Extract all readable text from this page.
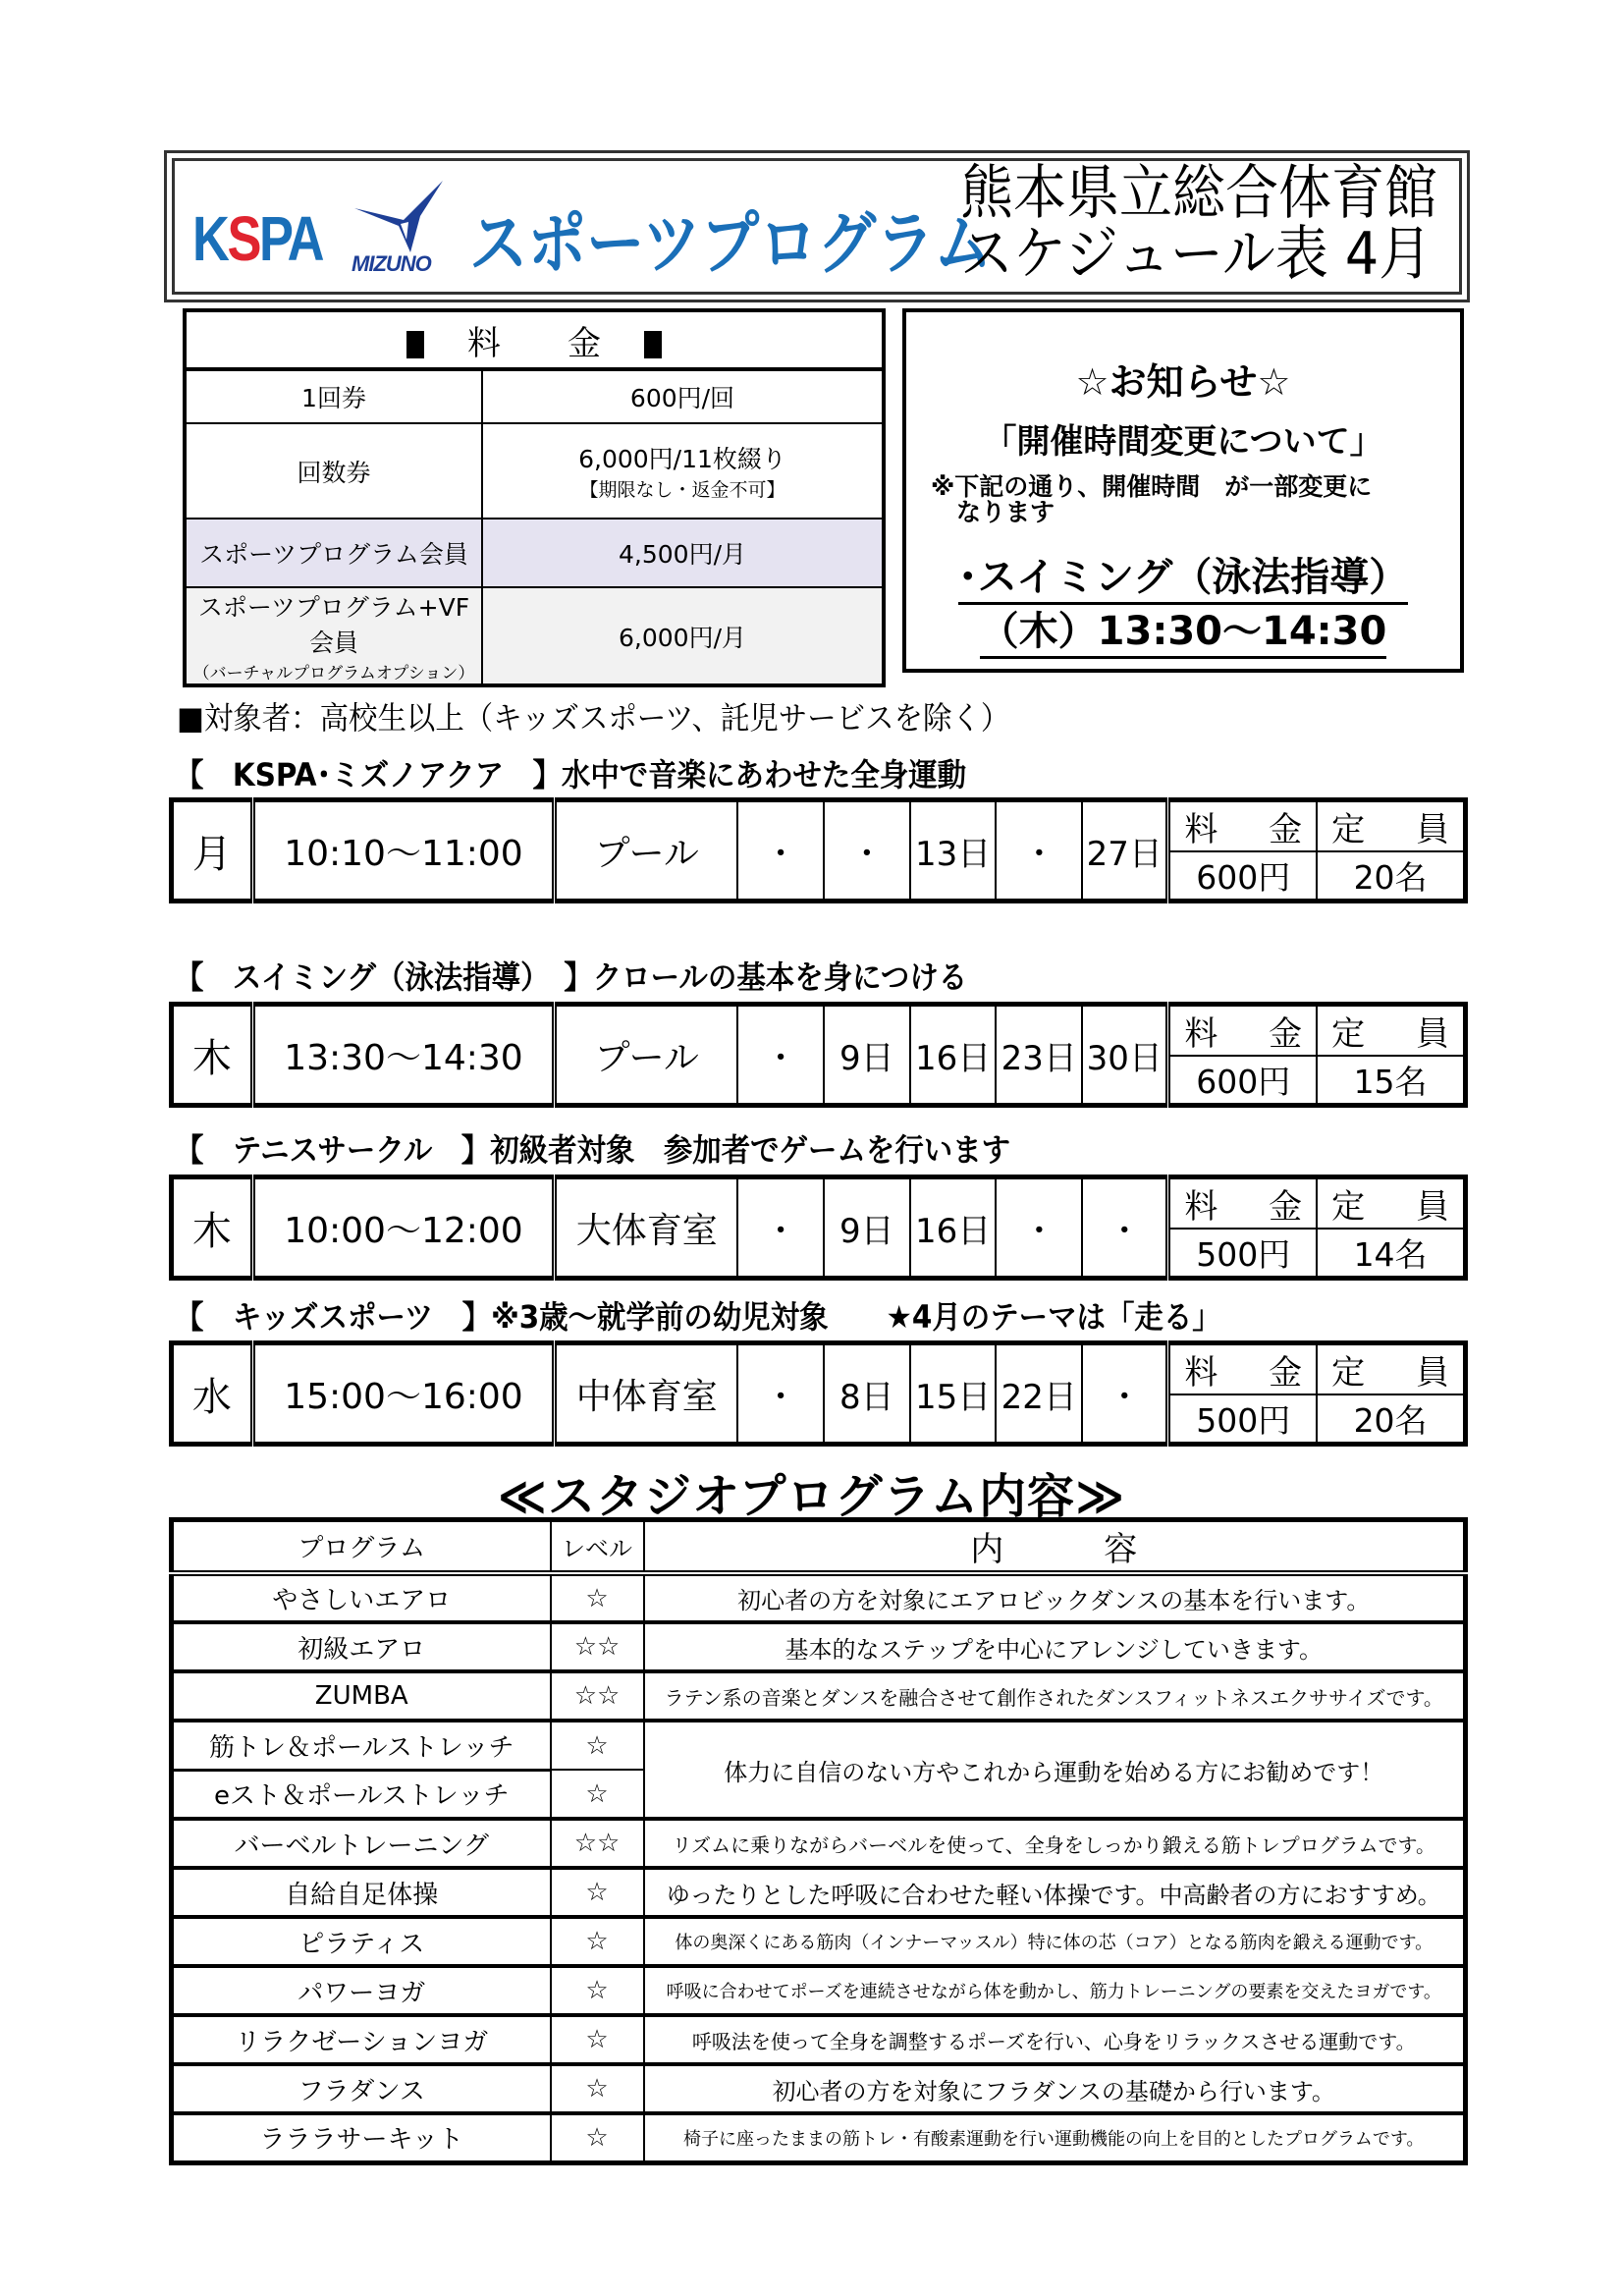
KSPA MIZUNO スポーツプログラム
熊本県立総合体育館
スケジュール表 4月
料　　金	
1回券	600円/回
回数券	6,000円/11枚綴り
【期限なし・返金不可】

スポーツプログラム会員	4,500円/月

スポーツプログラム+VF会員
（バーチャルプログラムオプション）	6,000円/月
☆お知らせ☆
「開催時間変更について」
※下記の通り、開催時間　が一部変更に
なります
･スイミング（泳法指導）
（木）13:30～14:30
■対象者：高校生以上（キッズスポーツ、託児サービスを除く）
【　KSPA･ミズノアクア　】水中で音楽にあわせた全身運動
月	10:10～11:00	プール	・	・	13日	・	27日	料金	定員
								600円	20名
【　スイミング（泳法指導）　】クロールの基本を身につける
木	13:30～14:30	プール	・	9日	16日	23日	30日	料金	定員
								600円	15名
【　テニスサークル　】初級者対象　参加者でゲームを行います
木	10:00～12:00	大体育室	・	9日	16日	・	・	料金	定員
								500円	14名
【　キッズスポーツ　】※3歳～就学前の幼児対象　　★4月のテーマは「走る」
水	15:00～16:00	中体育室	・	8日	15日	22日	・	料金	定員
								500円	20名
≪スタジオプログラム内容≫
プログラム	レベル	内　　　容
やさしいエアロ	☆	初心者の方を対象にエアロビックダンスの基本を行います。
初級エアロ	☆☆	基本的なステップを中心にアレンジしていきます。
ZUMBA	☆☆	ラテン系の音楽とダンスを融合させて創作されたダンスフィットネスエクササイズです。
筋トレ＆ポールストレッチ	☆	体力に自信のない方やこれから運動を始める方にお勧めです！
eスト＆ポールストレッチ	☆	
バーベルトレーニング	☆☆	リズムに乗りながらバーベルを使って、全身をしっかり鍛える筋トレプログラムです。
自給自足体操	☆	ゆったりとした呼吸に合わせた軽い体操です。中高齢者の方におすすめ。
ピラティス	☆	体の奥深くにある筋肉（インナーマッスル）特に体の芯（コア）となる筋肉を鍛える運動です。
パワーヨガ	☆	呼吸に合わせてポーズを連続させながら体を動かし、筋力トレーニングの要素を交えたヨガです。
リラクゼーションヨガ	☆	呼吸法を使って全身を調整するポーズを行い、心身をリラックスさせる運動です。
フラダンス	☆	初心者の方を対象にフラダンスの基礎から行います。
ラララサーキット	☆	椅子に座ったままの筋トレ・有酸素運動を行い運動機能の向上を目的としたプログラムです。
